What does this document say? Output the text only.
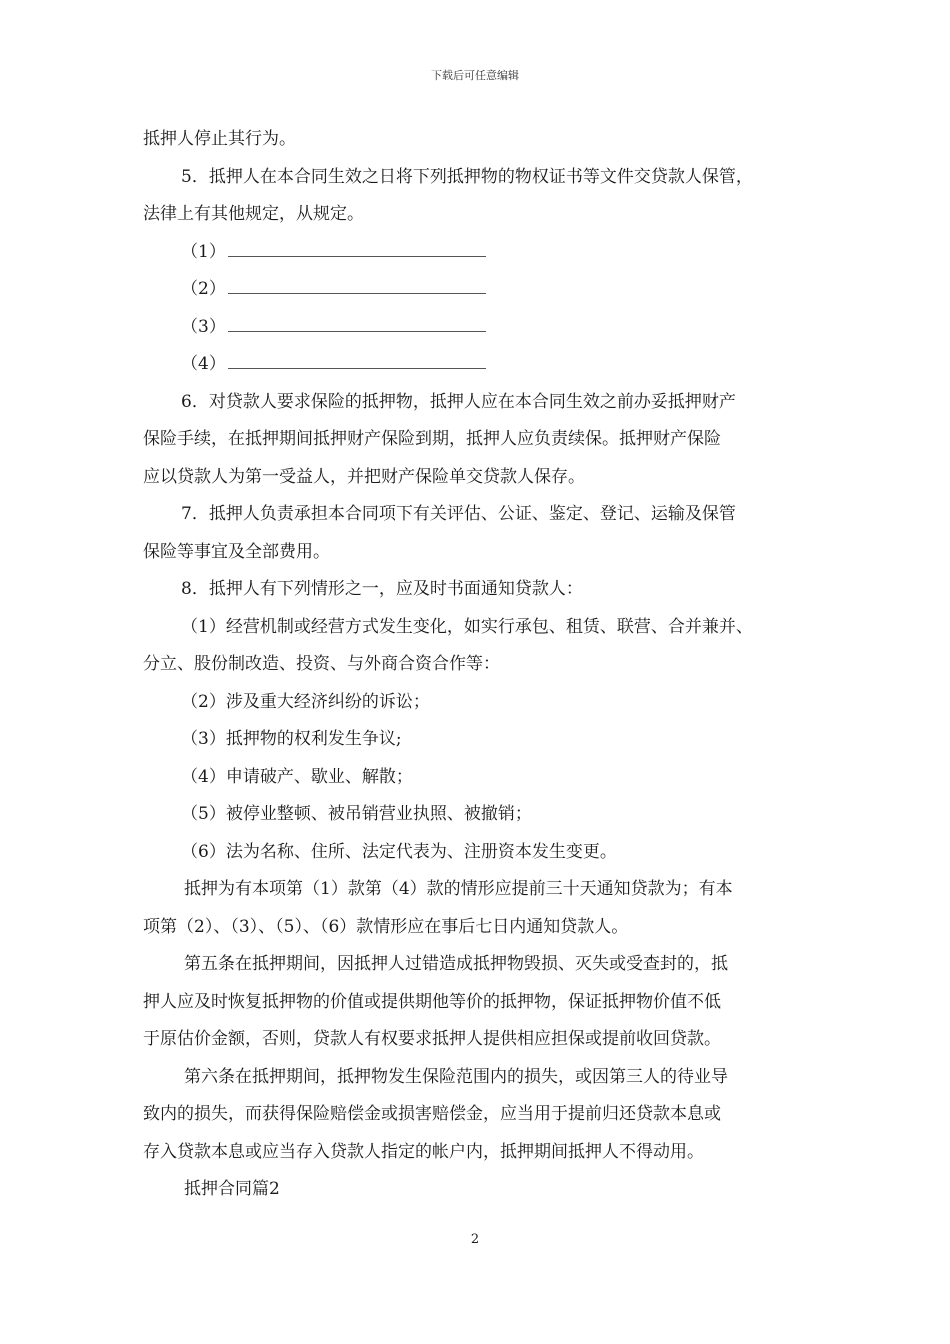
下载后可任意编辑
抵押人停止其行为。
5．抵押人在本合同生效之日将下列抵押物的物权证书等文件交贷款人保管，
法律上有其他规定，从规定。
（1）
（2）
（3）
（4）
6．对贷款人要求保险的抵押物，抵押人应在本合同生效之前办妥抵押财产
保险手续，在抵押期间抵押财产保险到期，抵押人应负责续保。抵押财产保险
应以贷款人为第一受益人，并把财产保险单交贷款人保存。
7．抵押人负责承担本合同项下有关评估、公证、鉴定、登记、运输及保管
保险等事宜及全部费用。
8．抵押人有下列情形之一，应及时书面通知贷款人：
（1）经营机制或经营方式发生变化，如实行承包、租赁、联营、合并兼并、
分立、股份制改造、投资、与外商合资合作等：
（2）涉及重大经济纠纷的诉讼；
（3）抵押物的权利发生争议;
（4）申请破产、歇业、解散；
（5）被停业整顿、被吊销营业执照、被撤销；
（6）法为名称、住所、法定代表为、注册资本发生变更。
抵押为有本项第（1）款第（4）款的情形应提前三十天通知贷款为；有本
项第（2）、（3）、（5）、（6）款情形应在事后七日内通知贷款人。
第五条在抵押期间，因抵押人过错造成抵押物毁损、灭失或受查封的，抵
押人应及时恢复抵押物的价值或提供期他等价的抵押物，保证抵押物价值不低
于原估价金额，否则，贷款人有权要求抵押人提供相应担保或提前收回贷款。
第六条在抵押期间，抵押物发生保险范围内的损失，或因第三人的待业导
致内的损失，而获得保险赔偿金或损害赔偿金，应当用于提前归还贷款本息或
存入贷款本息或应当存入贷款人指定的帐户内，抵押期间抵押人不得动用。
抵押合同篇2
2
